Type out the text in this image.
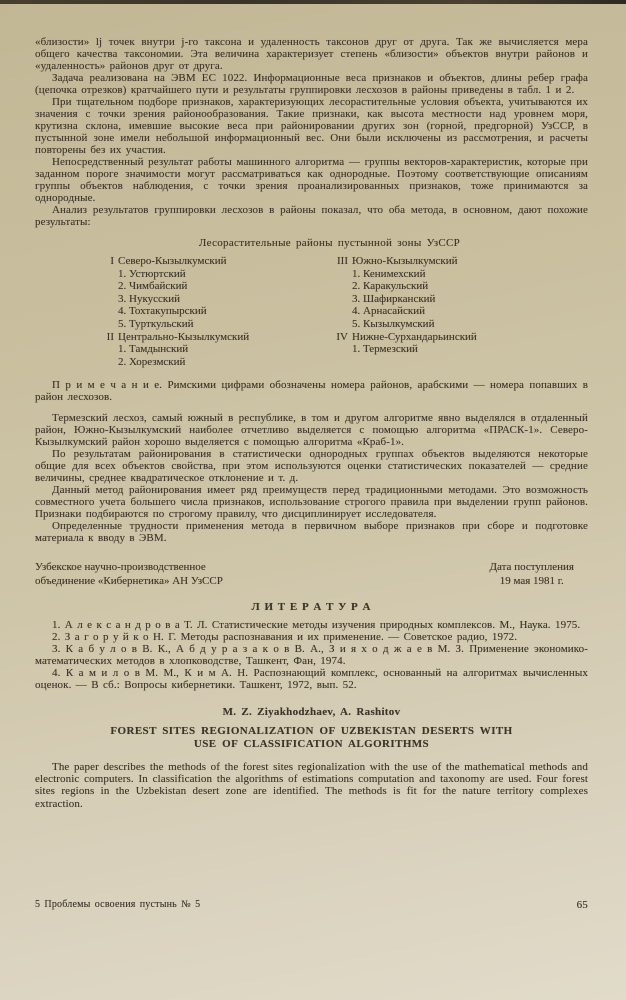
«близости» lj точек внутри j-го таксона и удаленность таксонов друг от друга. Так же вычисляется мера общего качества таксономии. Эта величина характеризует степень «близости» объектов внутри районов и «удаленность» районов друг от друга.

Задача реализована на ЭВМ ЕС 1022. Информационные веса признаков и объектов, длины ребер графа (цепочка отрезков) кратчайшего пути и результаты группировки лесхозов в районы приведены в табл. 1 и 2.

При тщательном подборе признаков, характеризующих лесорастительные условия объекта, учитываются их значения с точки зрения районообразования. Такие признаки, как высота местности над уровнем моря, крутизна склона, имевшие высокие веса при районировании других зон (горной, предгорной) УзССР, в пустынной зоне имели небольшой информационный вес. Они были исключены из рассмотрения, и расчеты повторены без их участия.

Непосредственный результат работы машинного алгоритма — группы векторов-характеристик, которые при заданном пороге значимости могут рассматриваться как однородные. Поэтому соответствующие описаниям группы объектов наблюдения, с точки зрения проанализированных признаков, тоже принимаются за однородные.

Анализ результатов группировки лесхозов в районы показал, что оба метода, в основном, дают похожие результаты:

Лесорастительные районы пустынной зоны УзССР
I Северо-Кызылкумский
1. Устюртский
2. Чимбайский
3. Нукусский
4. Тохтакупырский
5. Турткульский
II Центрально-Кызылкумский
1. Тамдынский
2. Хорезмский
III Южно-Кызылкумский
1. Кенимехский
2. Каракульский
3. Шафирканский
4. Арнасайский
5. Кызылкумский
IV Нижне-Сурхандарьинский
1. Термезский

П р и м е ч а н и е. Римскими цифрами обозначены номера районов, арабскими — номера попавших в район лесхозов.

Термезский лесхоз, самый южный в республике, в том и другом алгоритме явно выделялся в отдаленный район, Южно-Кызылкумский наиболее отчетливо выделяется с помощью алгоритма «ПРАСК-1». Северо-Кызылкумский район хорошо выделяется с помощью алгоритма «Краб-1».

По результатам районирования в статистически однородных группах объектов выделяются некоторые общие для всех объектов свойства, при этом используются оценки статистических показателей — средние величины, среднее квадратическое отклонение и т. д.

Данный метод районирования имеет ряд преимуществ перед традиционными методами. Это возможность совместного учета большего числа признаков, использование строгого правила при выделении групп районов. Признаки подбираются по строгому правилу, что дисциплинирует исследователя.

Определенные трудности применения метода в первичном выборе признаков при сборе и подготовке материала к вводу в ЭВМ.

Узбекское научно-производственное
объединение «Кибернетика» АН УзССР
Дата поступления
19 мая 1981 г.
Л И Т Е Р А Т У Р А

1. А л е к с а н д р о в а Т. Л. Статистические методы изучения природных комплексов. М., Наука. 1975.

2. З а г о р у й к о Н. Г. Методы распознавания и их применение. — Советское радио, 1972.

3. К а б у л о в В. К., А б д у р а з а к о в В. А., З и я х о д ж а е в М. З. Применение экономико-математических методов в хлопководстве, Ташкент, Фан, 1974.

4. К а м и л о в М. М., К и м А. Н. Распознающий комплекс, основанный на алгоритмах вычисленных оценок. — В сб.: Вопросы кибернетики. Ташкент, 1972, вып. 52.

M. Z. Ziyakhodzhaev, A. Rashitov
FOREST SITES REGIONALIZATION OF UZBEKISTAN DESERTS WITH
USE OF CLASSIFICATION ALGORITHMS

The paper describes the methods of the forest sites regionalization with the use of the mathematical methods and electronic computers. In classification the algorithms of estimations computation and taxonomy are used. Four forest sites regions in the Uzbekistan desert zone are identified. The methods is fit for the nature territory complexes extraction.

5 Проблемы освоения пустынь № 5	65
